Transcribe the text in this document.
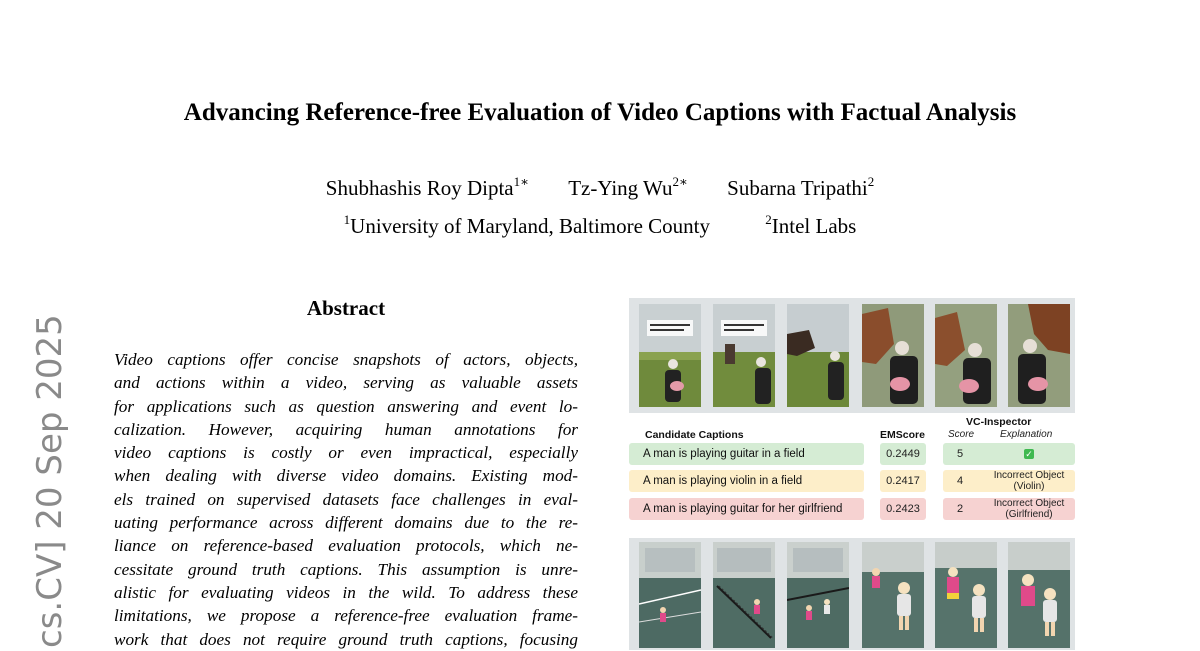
cs.CV] 20 Sep 2025
Advancing Reference-free Evaluation of Video Captions with Factual Analysis
Shubhashis Roy Dipta$^{1∗}$ Tz-Ying $Wu^{2∗}$ Subarna Tripathi$^2$
$^1$University of Maryland, Baltimore County	$^2$Intel Labs
Abstract
Video captions offer concise snapshots of actors, objects,
and actions within a video, serving as valuable assets
for applications such as question answering and event lo-
calization. However, acquiring human annotations for
video captions is costly or even impractical, especially
when dealing with diverse video domains. Existing mod-
els trained on supervised datasets face challenges in eval-
uating performance across different domains due to the re-
liance on reference-based evaluation protocols, which ne-
cessitate ground truth captions. This assumption is unre-
alistic for evaluating videos in the wild. To address these
limitations, we propose a reference-free evaluation frame-
work that does not require ground truth captions, focusing
Candidate Captions	EMScore
VC-Inspector
Score	Explanation
A man is playing guitar in a field	0.2449	5	✓
A man is playing violin in a field	0.2417	4	Incorrect Object (Violin)
A man is playing guitar for her girlfriend	0.2423	2	Incorrect Object (Girlfriend)
